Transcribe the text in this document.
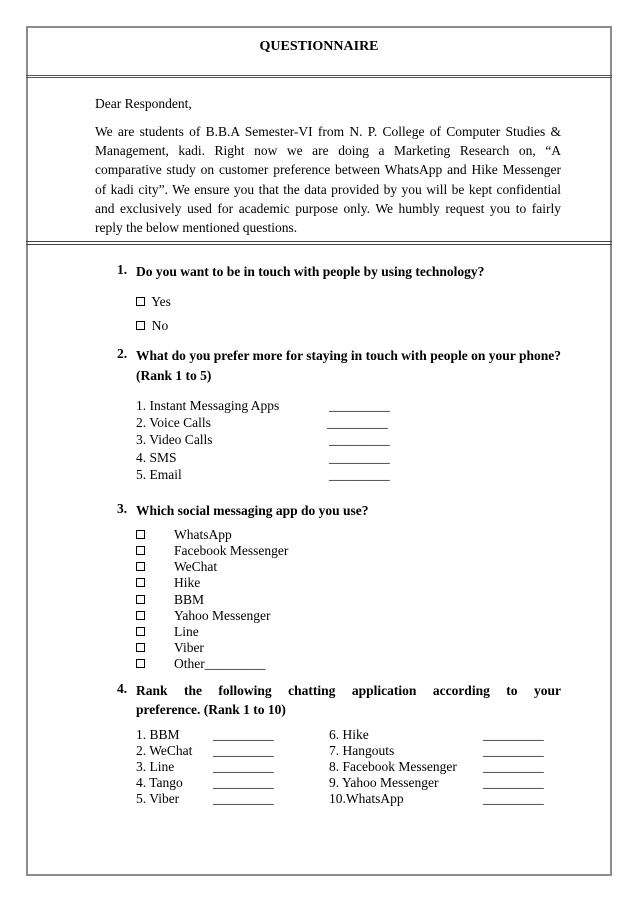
QUESTIONNAIRE
Dear Respondent,

We are students of B.B.A Semester-VI from N. P. College of Computer Studies & Management, kadi. Right now we are doing a Marketing Research on, “A comparative study on customer preference between WhatsApp and Hike Messenger of kadi city”. We ensure you that the data provided by you will be kept confidential and exclusively used for academic purpose only. We humbly request you to fairly reply the below mentioned questions.

1. Do you want to be in touch with people by using technology?
Yes
No
2. What do you prefer more for staying in touch with people on your phone? (Rank 1 to 5)
1. Instant Messaging Apps	_________
2. Voice Calls	_________
3. Video Calls	_________
4. SMS	_________
5. Email	_________
3. Which social messaging app do you use?
WhatsApp
Facebook Messenger
WeChat
Hike
BBM
Yahoo Messenger
Line
Viber
Other_________
4. Rank the following chatting application according to your
preference. (Rank 1 to 10)
1. BBM _________	6. Hike	_________
2. WeChat _________	7. Hangouts	_________
3. Line	_________	8. Facebook Messenger _________
4. Tango _________	9. Yahoo Messenger	_________
5. Viber	_________	10.WhatsApp	_________
